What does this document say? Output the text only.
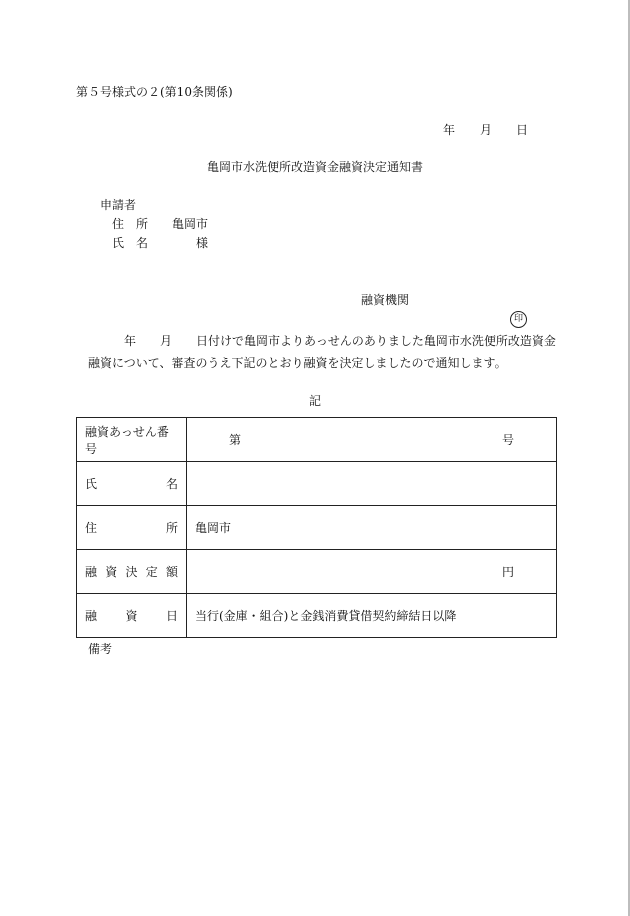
第５号様式の２(第10条関係)
年 月 日
亀岡市水洗便所改造資金融資決定通知書
申請者
住　所 亀岡市
氏　名	様
融資機関
印
年 月 日付けで亀岡市よりあっせんのありました亀岡市水洗便所改造資金
融資について、審査のうえ下記のとおり融資を決定しましたので通知します。
記
融資あっせん番号	第 号

氏 名	

住 所	亀岡市

融 資 決 定 額	円

融 資 日	当行(金庫・組合)と金銭消費貸借契約締結日以降
備考
